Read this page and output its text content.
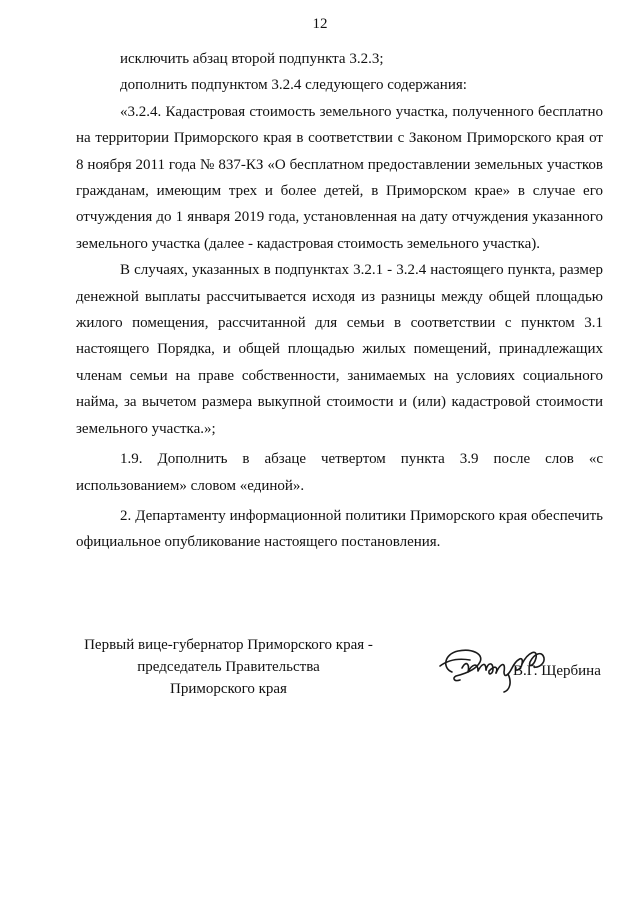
12

исключить абзац второй подпункта 3.2.3;

дополнить подпунктом 3.2.4 следующего содержания:

«3.2.4. Кадастровая стоимость земельного участка, полученного бесплатно на территории Приморского края в соответствии с Законом Приморского края от 8 ноября 2011 года № 837-КЗ «О бесплатном предоставлении земельных участков гражданам, имеющим трех и более детей, в Приморском крае» в случае его отчуждения до 1 января 2019 года, установленная на дату отчуждения указанного земельного участка (далее - кадастровая стоимость земельного участка).

В случаях, указанных в подпунктах 3.2.1 - 3.2.4 настоящего пункта, размер денежной выплаты рассчитывается исходя из разницы между общей площадью жилого помещения, рассчитанной для семьи в соответствии с пунктом 3.1 настоящего Порядка, и общей площадью жилых помещений, принадлежащих членам семьи на праве собственности, занимаемых на условиях социального найма, за вычетом размера выкупной стоимости и (или) кадастровой стоимости земельного участка.»;

1.9. Дополнить в абзаце четвертом пункта 3.9 после слов «с использованием» словом «единой».

2. Департаменту информационной политики Приморского края обеспечить официальное опубликование настоящего постановления.

Первый вице-губернатор Приморского края -
председатель Правительства
Приморского края
В.Г. Щербина
